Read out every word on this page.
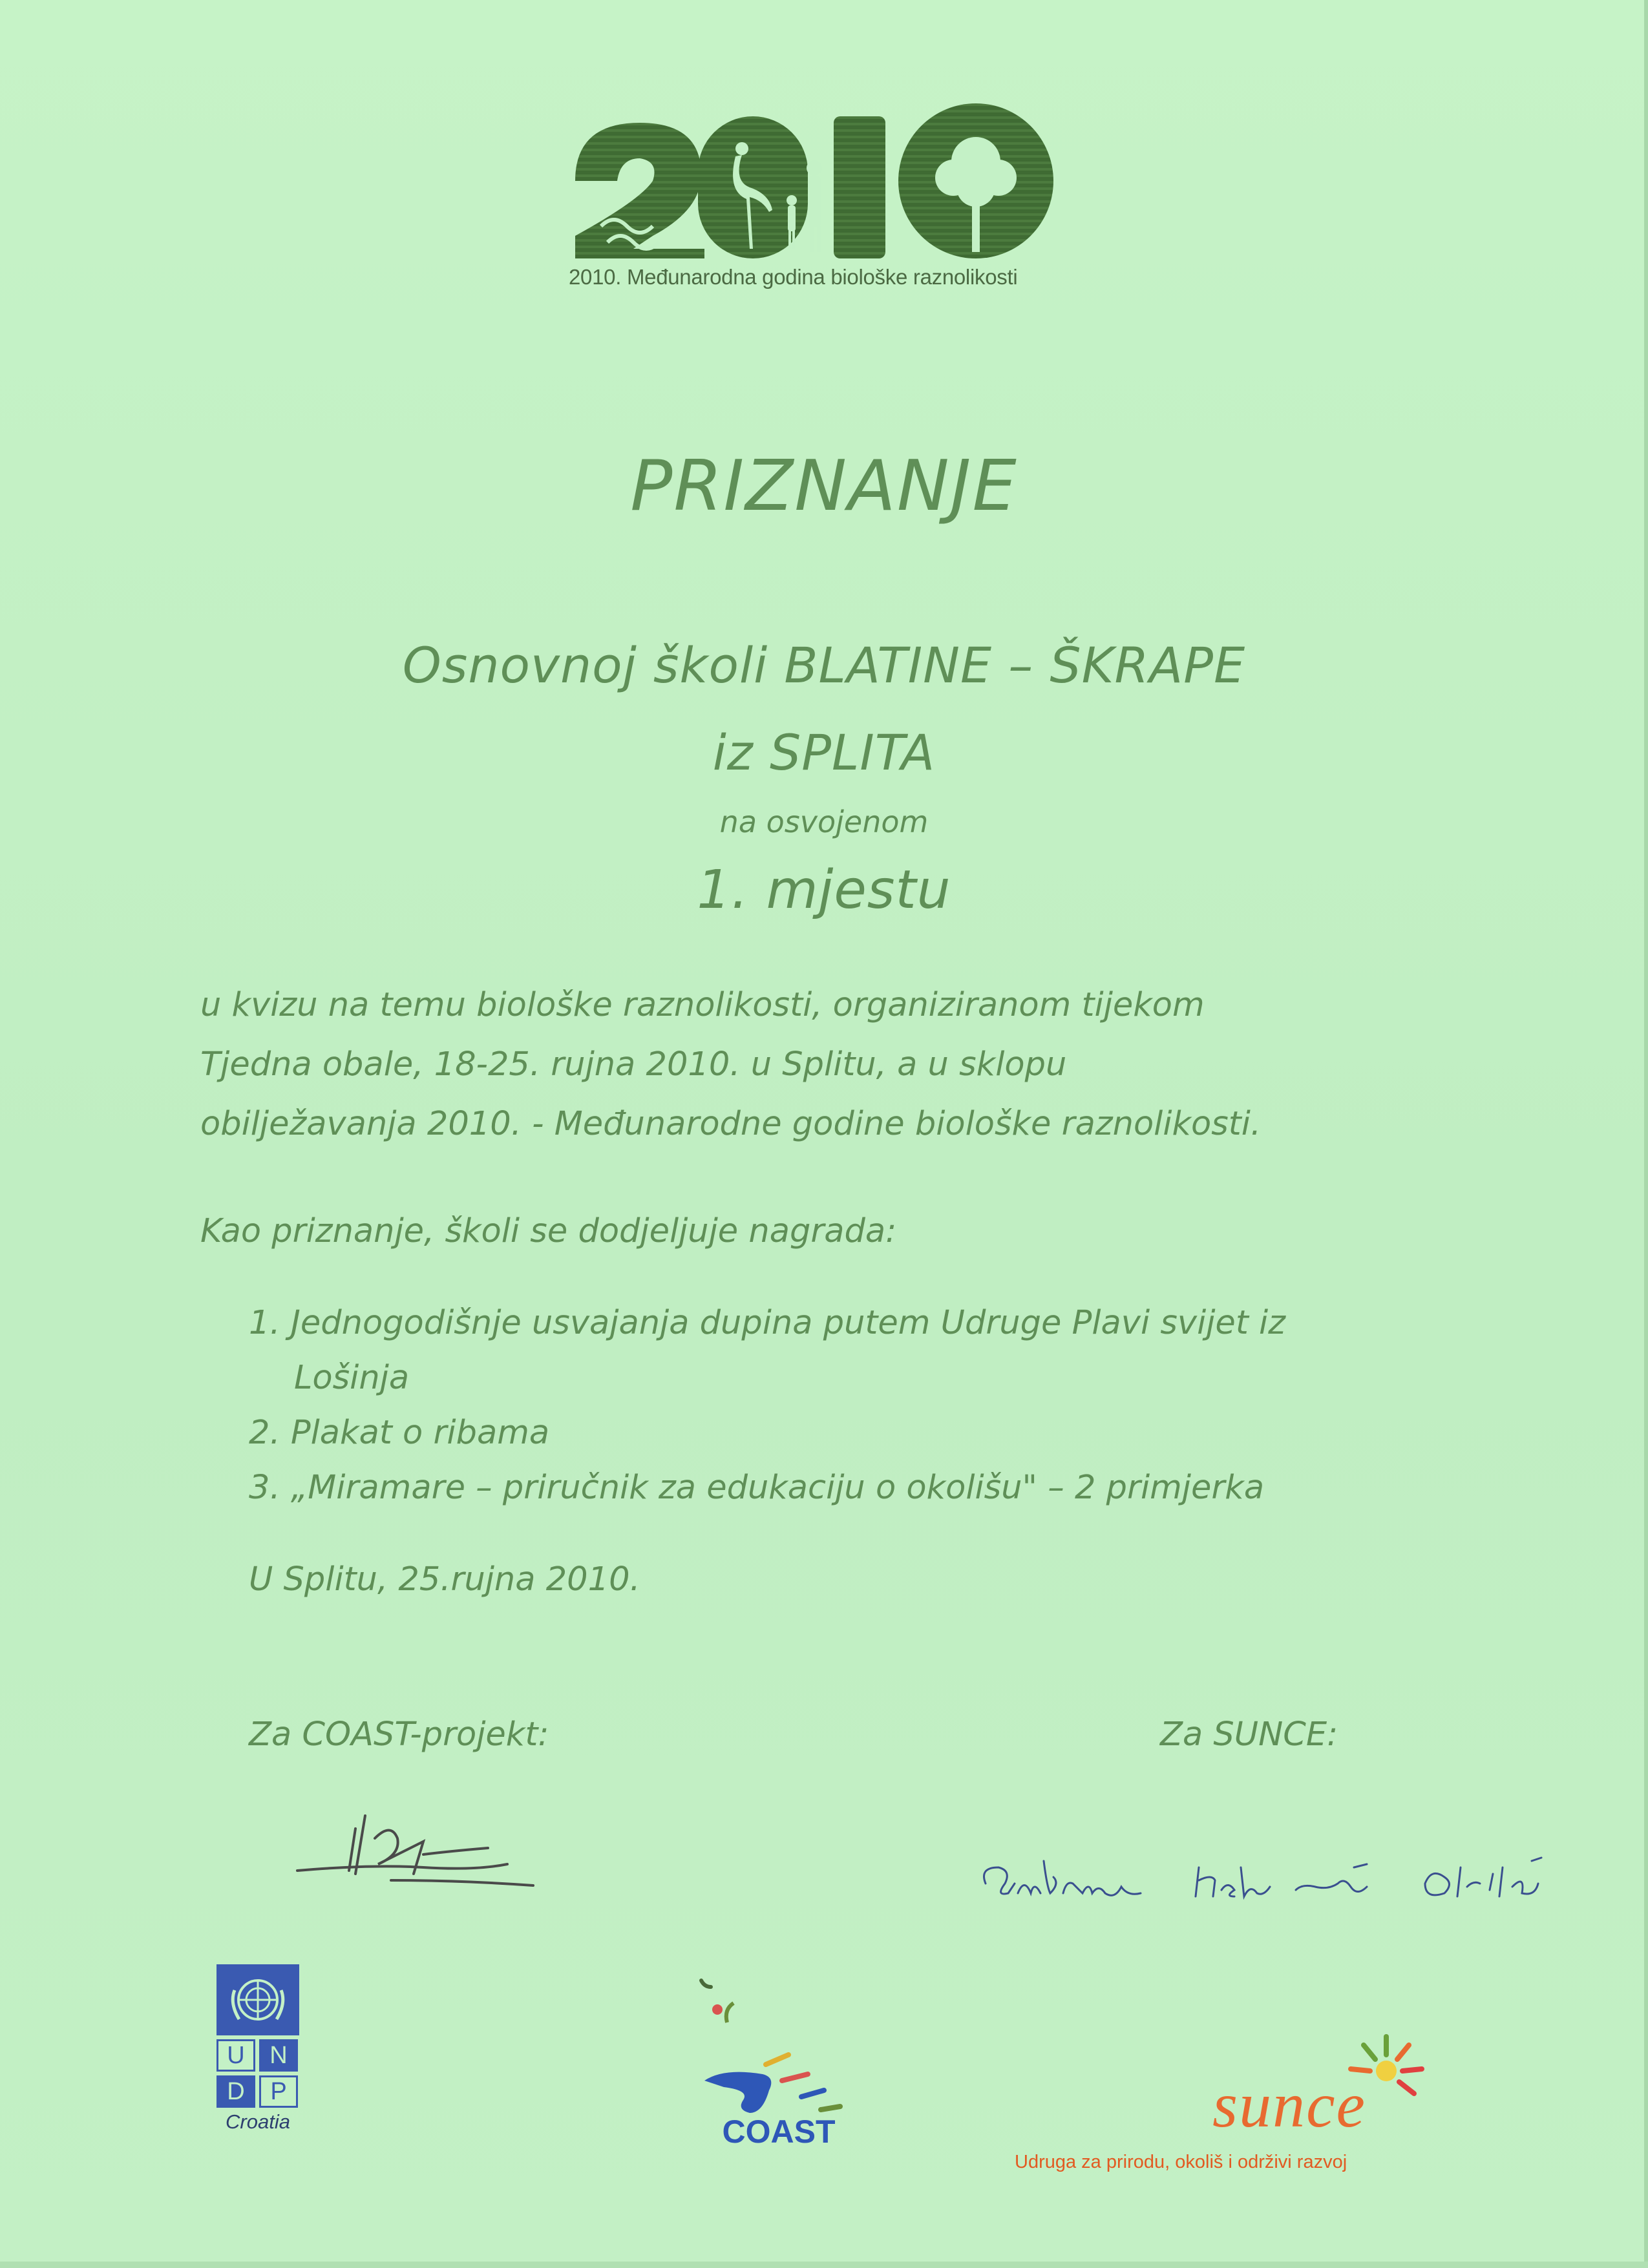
2010. Međunarodna godina biološke raznolikosti
PRIZNANJE
Osnovnoj školi BLATINE – ŠKRAPE
iz SPLITA
na osvojenom
1. mjestu
u kvizu na temu biološke raznolikosti, organiziranom tijekom
Tjedna obale, 18-25. rujna 2010. u Splitu, a u sklopu
obilježavanja 2010. - Međunarodne godine biološke raznolikosti.
Kao priznanje, školi se dodjeljuje nagrada:
1. Jednogodišnje usvajanja dupina putem Udruge Plavi svijet iz
Lošinja
2. Plakat o ribama
3. „Miramare – priručnik za edukaciju o okolišu" – 2 primjerka
U Splitu, 25.rujna 2010.
Za COAST-projekt:	Za SUNCE:
U	N
D	P
Croatia	COAST	sunce
Udruga za prirodu, okoliš i održivi razvoj
